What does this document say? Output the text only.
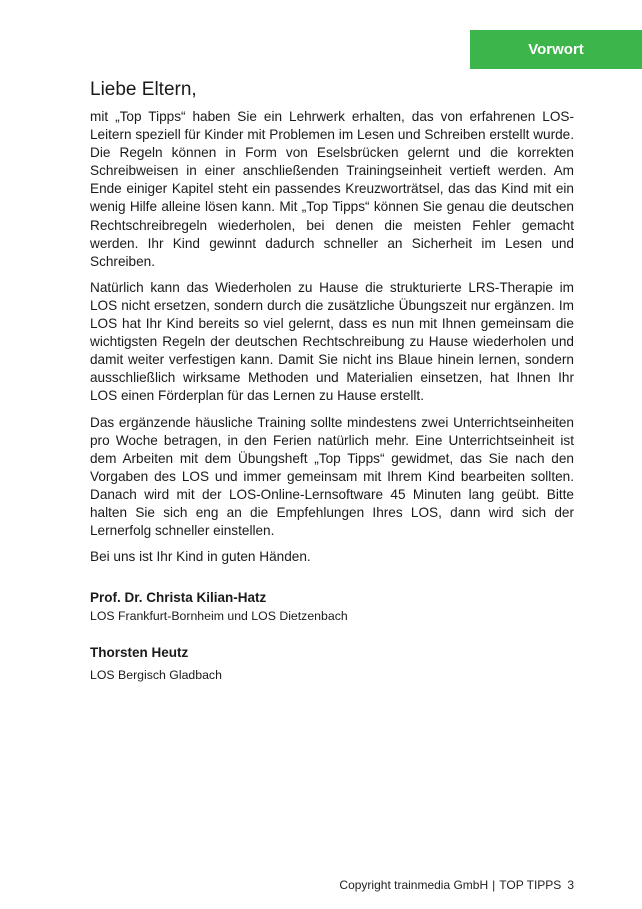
Vorwort
Liebe Eltern,

mit „Top Tipps“ haben Sie ein Lehrwerk erhalten, das von erfahrenen LOS-Leitern speziell für Kinder mit Problemen im Lesen und Schreiben erstellt wurde. Die Regeln können in Form von Eselsbrücken gelernt und die korrekten Schreibweisen in einer anschließenden Trainingseinheit vertieft werden. Am Ende einiger Kapitel steht ein passendes Kreuzworträtsel, das das Kind mit ein wenig Hilfe alleine lösen kann. Mit „Top Tipps“ können Sie genau die deutschen Rechtschreibregeln wiederholen, bei denen die meisten Fehler gemacht werden. Ihr Kind gewinnt dadurch schneller an Sicherheit im Lesen und Schreiben.

Natürlich kann das Wiederholen zu Hause die strukturierte LRS-Therapie im LOS nicht ersetzen, sondern durch die zusätzliche Übungszeit nur ergänzen. Im LOS hat Ihr Kind bereits so viel gelernt, dass es nun mit Ihnen gemeinsam die wichtigsten Regeln der deutschen Rechtschreibung zu Hause wiederholen und damit weiter verfestigen kann. Damit Sie nicht ins Blaue hinein lernen, sondern ausschließlich wirksame Methoden und Materialien einsetzen, hat Ihnen Ihr LOS einen Förderplan für das Lernen zu Hause erstellt.

Das ergänzende häusliche Training sollte mindestens zwei Unterrichtseinheiten pro Woche betragen, in den Ferien natürlich mehr. Eine Unterrichtseinheit ist dem Arbeiten mit dem Übungsheft „Top Tipps“ gewidmet, das Sie nach den Vorgaben des LOS und immer gemeinsam mit Ihrem Kind bearbeiten sollten. Danach wird mit der LOS-Online-Lernsoftware 45 Minuten lang geübt. Bitte halten Sie sich eng an die Empfehlungen Ihres LOS, dann wird sich der Lernerfolg schneller einstellen.

Bei uns ist Ihr Kind in guten Händen.

Prof. Dr. Christa Kilian-Hatz
LOS Frankfurt-Bornheim und LOS Dietzenbach
Thorsten Heutz
LOS Bergisch Gladbach
Copyright trainmedia GmbH | TOP TIPPS 3
